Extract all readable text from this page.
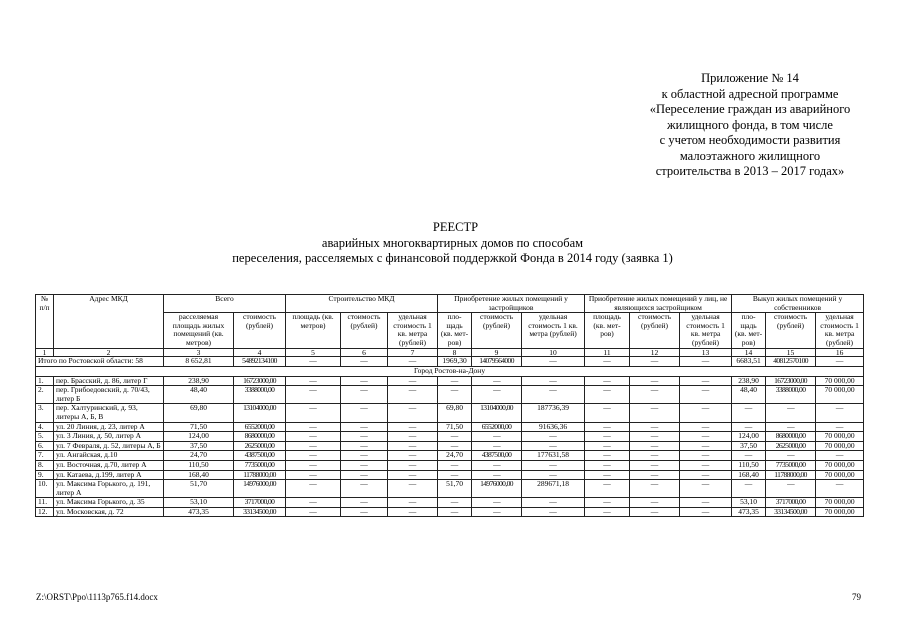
Приложение № 14
к областной адресной программе
«Переселение граждан из аварийного
жилищного фонда, в том числе
с учетом необходимости развития
малоэтажного жилищного
строительства в 2013 – 2017 годах»
РЕЕСТР
аварийных многоквартирных домов по способам
переселения, расселяемых с финансовой поддержкой Фонда в 2014 году (заявка 1)
№ п/п	Адрес МКД	Всего		Строительство МКД			Приобретение жилых помещений у застройщиков			Приобретение жилых помещений у лиц, не являющихся застройщиком			Выкуп жилых помещений у собственников		
		расселяемая площадь жилых помещений (кв. метров)	стоимость (рублей)	площадь (кв. метров)	стоимость (рублей)	удельная стоимость 1 кв. метра (рублей)	пло-щадь (кв. мет-ров)	стоимость (рублей)	удельная стоимость 1 кв. метра (рублей)	площадь (кв. мет-ров)	стоимость (рублей)	удельная стоимость 1 кв. метра (рублей)	пло-щадь (кв. мет-ров)	стоимость (рублей)	удельная стоимость 1 кв. метра (рублей)
1	2	3	4	5	6	7	8	9	10	11	12	13	14	15	16
Итого по Ростовской области: 58		8 652,81	54892134100	—	—	—	1969,30	14079564000	—	—	—	—	6683,51	40812570100	—
Город Ростов-на-Дону															
1.	пер. Брасский, д. 86, литер Г	238,90	16723000,00	—	—	—	—	—	—	—	—	—	238,90	16723000,00	70 000,00
2.	пер. Грибоедовский, д. 70/43, литер Б	48,40	3388000,00	—	—	—	—	—	—	—	—	—	48,40	3388000,00	70 000,00
3.	пер. Халтуринский, д. 93, литеры А, Б, В	69,80	13104000,00	—	—	—	69,80	13104000,00	187736,39	—	—	—	—	—	—
4.	ул. 20 Линия, д. 23, литер А	71,50	6552000,00	—	—	—	71,50	6552000,00	91636,36	—	—	—	—	—	—
5.	ул. 3 Линия, д. 50, литер А	124,00	8680000,00	—	—	—	—	—	—	—	—	—	124,00	8680000,00	70 000,00
6.	ул. 7 Февраля, д. 52, литеры А, Б	37,50	2625000,00	—	—	—	—	—	—	—	—	—	37,50	2625000,00	70 000,00
7.	ул. Ангайская, д.10	24,70	4387500,00	—	—	—	24,70	4387500,00	177631,58	—	—	—	—	—	—
8.	ул. Восточная, д.70, литер А	110,50	7735000,00	—	—	—	—	—	—	—	—	—	110,50	7735000,00	70 000,00
9.	ул. Катаева, д.199, литер А	168,40	11788000,00	—	—	—	—	—	—	—	—	—	168,40	11788000,00	70 000,00
10.	ул. Максима Горького, д. 191, литер А	51,70	14976000,00	—	—	—	51,70	14976000,00	289671,18	—	—	—	—	—	—
11.	ул. Максима Горького, д. 35	53,10	3717000,00	—	—	—	—	—	—	—	—	—	53,10	3717000,00	70 000,00
12.	ул. Московская, д. 72	473,35	33134500,00	—	—	—	—	—	—	—	—	—	473,35	33134500,00	70 000,00
Z:\ORST\Ppo\1113p765.f14.docx	79
